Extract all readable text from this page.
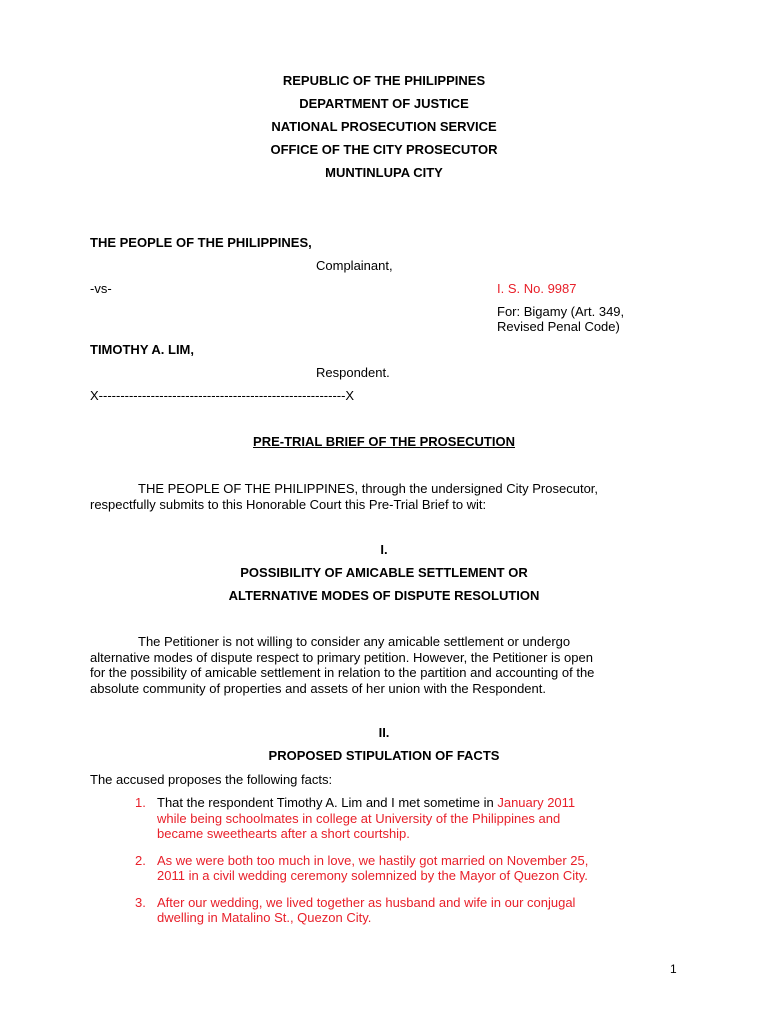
REPUBLIC OF THE PHILIPPINES
DEPARTMENT OF JUSTICE
NATIONAL PROSECUTION SERVICE
OFFICE OF THE CITY PROSECUTOR
MUNTINLUPA CITY
THE PEOPLE OF THE PHILIPPINES,
Complainant,
-vs-	I. S. No. 9987
For: Bigamy (Art. 349,
Revised Penal Code)
TIMOTHY A. LIM,
Respondent.
X---------------------------------------------------------X
PRE-TRIAL BRIEF OF THE PROSECUTION
THE PEOPLE OF THE PHILIPPINES, through the undersigned City Prosecutor,
respectfully submits to this Honorable Court this Pre-Trial Brief to wit:
I.
POSSIBILITY OF AMICABLE SETTLEMENT OR
ALTERNATIVE MODES OF DISPUTE RESOLUTION
The Petitioner is not willing to consider any amicable settlement or undergo
alternative modes of dispute respect to primary petition. However, the Petitioner is open
for the possibility of amicable settlement in relation to the partition and accounting of the
absolute community of properties and assets of her union with the Respondent.
II.
PROPOSED STIPULATION OF FACTS
The accused proposes the following facts:
1. That the respondent Timothy A. Lim and I met sometime in January 2011
while being schoolmates in college at University of the Philippines and
became sweethearts after a short courtship.
2. As we were both too much in love, we hastily got married on November 25,
2011 in a civil wedding ceremony solemnized by the Mayor of Quezon City.
3. After our wedding, we lived together as husband and wife in our conjugal
dwelling in Matalino St., Quezon City.
1
